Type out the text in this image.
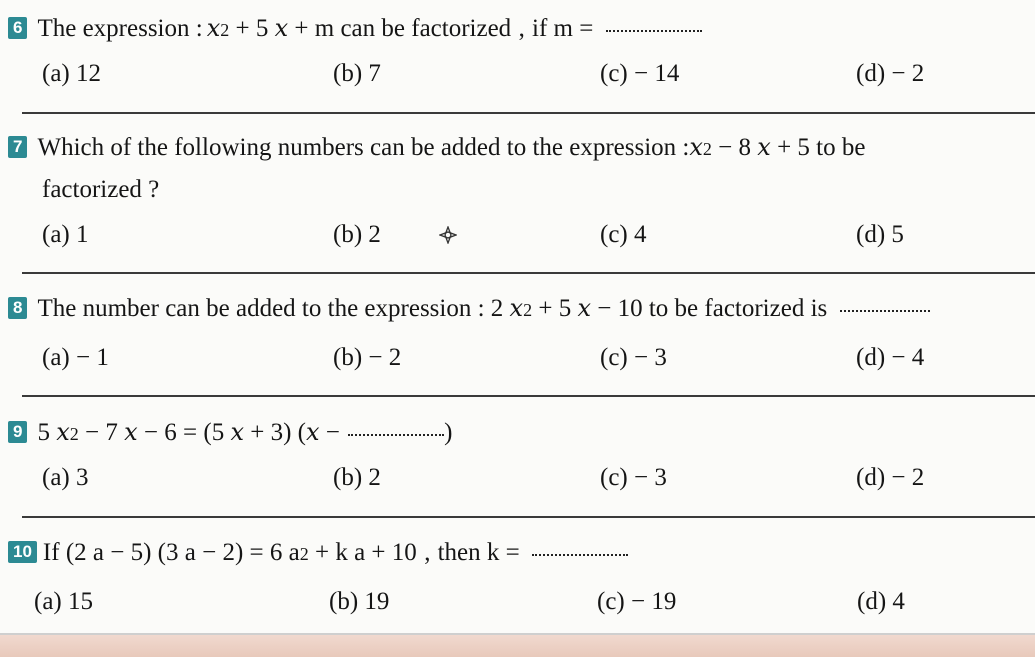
6 The expression : x 2 + 5 x + m can be factorized ‚ if m =
(a) 12	(b) 7	(c) − 14	(d) − 2
7 Which of the following numbers can be added to the expression : x 2 − 8 x + 5 to be
factorized ?
(a) 1	(b) 2	(c) 4	(d) 5
8 The number can be added to the expression : 2 x 2 + 5 x − 10 to be factorized is
(a) − 1	(b) − 2	(c) − 3	(d) − 4
9 5 x 2 − 7 x − 6 = (5 x + 3) ( x −	)
(a) 3	(b) 2	(c) − 3	(d) − 2
10 If (2 a − 5) (3 a − 2) = 6 a 2 + k a + 10 ‚ then k =
(a) 15	(b) 19	(c) − 19	(d) 4
